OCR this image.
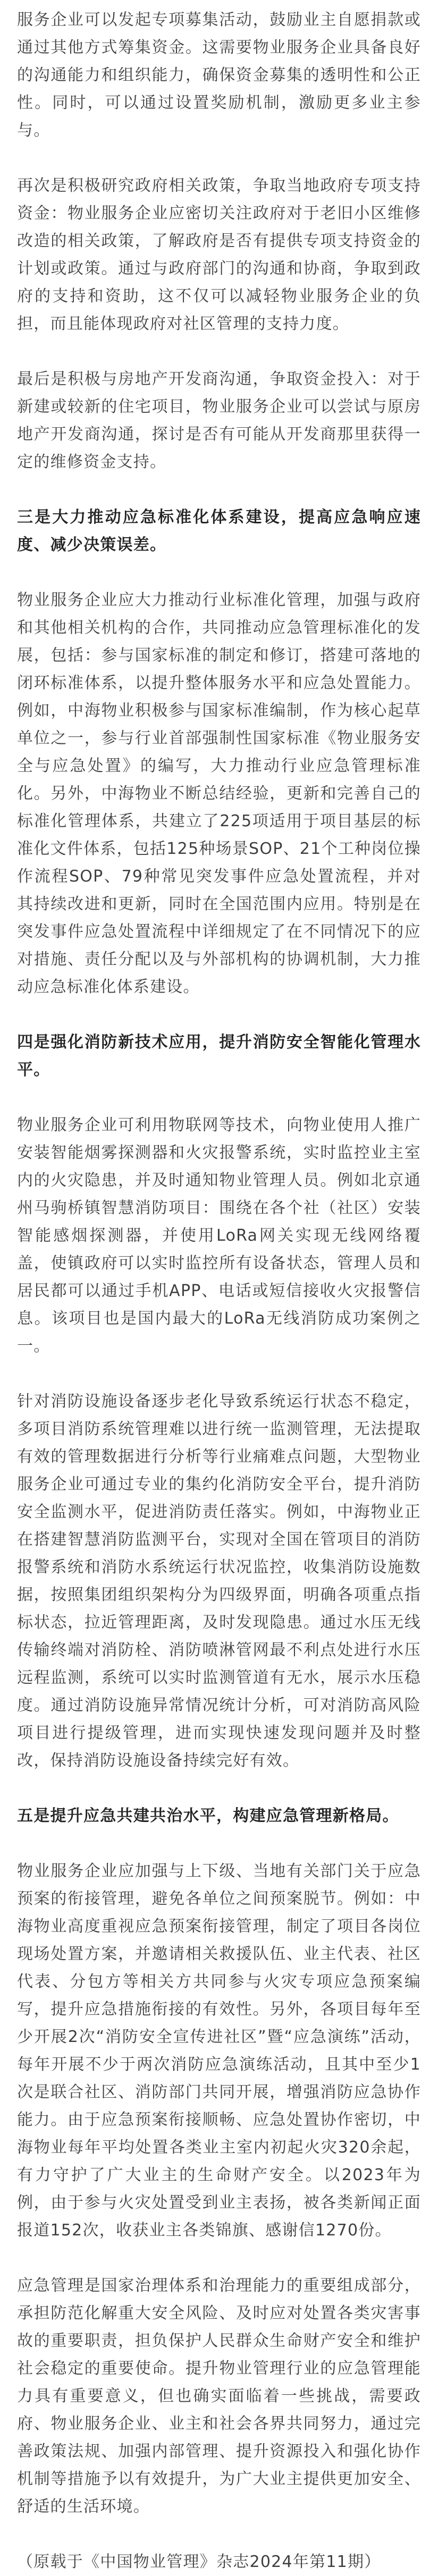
服务企业可以发起专项募集活动，鼓励业主自愿捐款或通过其他方式筹集资金。这需要物业服务企业具备良好的沟通能力和组织能力，确保资金募集的透明性和公正性。同时，可以通过设置奖励机制，激励更多业主参与。

再次是积极研究政府相关政策，争取当地政府专项支持资金：物业服务企业应密切关注政府对于老旧小区维修改造的相关政策，了解政府是否有提供专项支持资金的计划或政策。通过与政府部门的沟通和协商，争取到政府的支持和资助，这不仅可以减轻物业服务企业的负担，而且能体现政府对社区管理的支持力度。

最后是积极与房地产开发商沟通，争取资金投入：对于新建或较新的住宅项目，物业服务企业可以尝试与原房地产开发商沟通，探讨是否有可能从开发商那里获得一定的维修资金支持。

三是大力推动应急标准化体系建设，提高应急响应速度、减少决策误差。

物业服务企业应大力推动行业标准化管理，加强与政府和其他相关机构的合作，共同推动应急管理标准化的发展，包括：参与国家标准的制定和修订，搭建可落地的闭环标准体系，以提升整体服务水平和应急处置能力。例如，中海物业积极参与国家标准编制，作为核心起草单位之一，参与行业首部强制性国家标准《物业服务安全与应急处置》的编写，大力推动行业应急管理标准化。另外，中海物业不断总结经验，更新和完善自己的标准化管理体系，共建立了225项适用于项目基层的标准化文件体系，包括125种场景SOP、21个工种岗位操作流程SOP、79种常见突发事件应急处置流程，并对其持续改进和更新，同时在全国范围内应用。特别是在突发事件应急处置流程中详细规定了在不同情况下的应对措施、责任分配以及与外部机构的协调机制，大力推动应急标准化体系建设。

四是强化消防新技术应用，提升消防安全智能化管理水平。

物业服务企业可利用物联网等技术，向物业使用人推广安装智能烟雾探测器和火灾报警系统，实时监控业主室内的火灾隐患，并及时通知物业管理人员。例如北京通州马驹桥镇智慧消防项目：围绕在各个社（社区）安装智能感烟探测器，并使用LoRa网关实现无线网络覆盖，使镇政府可以实时监控所有设备状态，管理人员和居民都可以通过手机APP、电话或短信接收火灾报警信息。该项目也是国内最大的LoRa无线消防成功案例之一。

针对消防设施设备逐步老化导致系统运行状态不稳定，多项目消防系统管理难以进行统一监测管理，无法提取有效的管理数据进行分析等行业痛难点问题，大型物业服务企业可通过专业的集约化消防安全平台，提升消防安全监测水平，促进消防责任落实。例如，中海物业正在搭建智慧消防监测平台，实现对全国在管项目的消防报警系统和消防水系统运行状况监控，收集消防设施数据，按照集团组织架构分为四级界面，明确各项重点指标状态，拉近管理距离，及时发现隐患。通过水压无线传输终端对消防栓、消防喷淋管网最不利点处进行水压远程监测，系统可以实时监测管道有无水，展示水压稳度。通过消防设施异常情况统计分析，可对消防高风险项目进行提级管理，进而实现快速发现问题并及时整改，保持消防设施设备持续完好有效。

五是提升应急共建共治水平，构建应急管理新格局。

物业服务企业应加强与上下级、当地有关部门关于应急预案的衔接管理，避免各单位之间预案脱节。例如：中海物业高度重视应急预案衔接管理，制定了项目各岗位现场处置方案，并邀请相关救援队伍、业主代表、社区代表、分包方等相关方共同参与火灾专项应急预案编写，提升应急措施衔接的有效性。另外，各项目每年至少开展2次“消防安全宣传进社区”暨“应急演练”活动，每年开展不少于两次消防应急演练活动，且其中至少1次是联合社区、消防部门共同开展，增强消防应急协作能力。由于应急预案衔接顺畅、应急处置协作密切，中海物业每年平均处置各类业主室内初起火灾320余起，有力守护了广大业主的生命财产安全。以2023年为例，由于参与火灾处置受到业主表扬，被各类新闻正面报道152次，收获业主各类锦旗、感谢信1270份。

应急管理是国家治理体系和治理能力的重要组成部分，承担防范化解重大安全风险、及时应对处置各类灾害事故的重要职责，担负保护人民群众生命财产安全和维护社会稳定的重要使命。提升物业管理行业的应急管理能力具有重要意义，但也确实面临着一些挑战，需要政府、物业服务企业、业主和社会各界共同努力，通过完善政策法规、加强内部管理、提升资源投入和强化协作机制等措施予以有效提升，为广大业主提供更加安全、舒适的生活环境。

（原载于《中国物业管理》杂志2024年第11期）
